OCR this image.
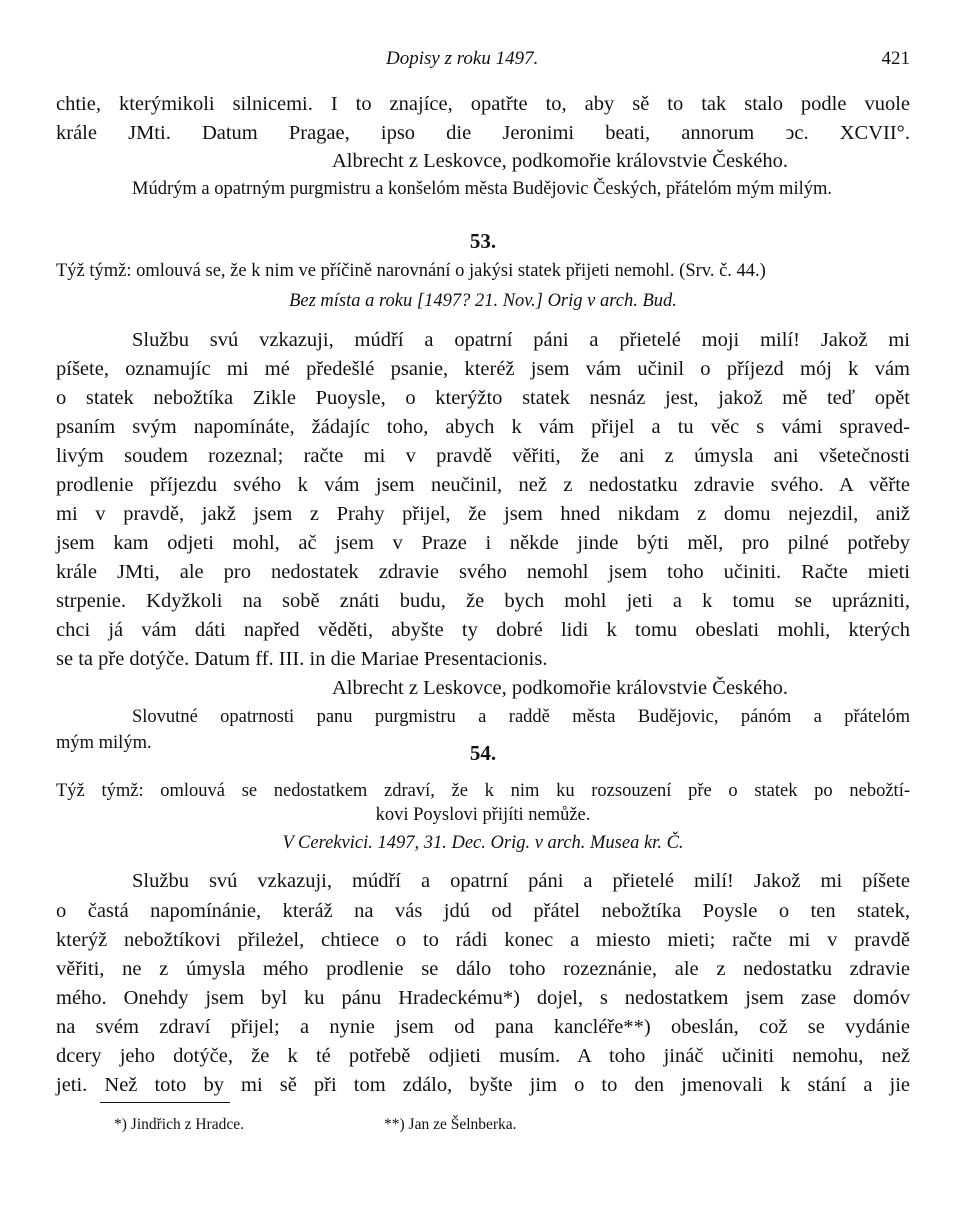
Dopisy z roku 1497.	421
chtie, kterýmikoli silnicemi. I to znajíce, opatřte to, aby sě to tak stalo podle vuole
krále JMti. Datum Pragae, ipso die Jeronimi beati, annorum ͻc. XCVII°.
Albrecht z Leskovce, podkomořie královstvie Českého.
Múdrým a opatrným purgmistru a konšelóm města Budějovic Českých, přátelóm mým milým.
53.
Týž týmž: omlouvá se, že k nim ve příčině narovnání o jakýsi statek přijeti nemohl. (Srv. č. 44.)
Bez místa a roku [1497? 21. Nov.] Orig v arch. Bud.
Službu svú vzkazuji, múdří a opatrní páni a přietelé moji milí! Jakož mi
píšete, oznamujíc mi mé předešlé psanie, kteréž jsem vám učinil o příjezd mój k vám
o statek nebožtíka Zikle Puoysle, o kterýžto statek nesnáz jest, jakož mě teď opět
psaním svým napomínáte, žádajíc toho, abych k vám přijel a tu věc s vámi spraved-
livým soudem rozeznal; račte mi v pravdě věřiti, že ani z úmysla ani všetečnosti
prodlenie příjezdu svého k vám jsem neučinil, než z nedostatku zdravie svého. A věřte
mi v pravdě, jakž jsem z Prahy přijel, že jsem hned nikdam z domu nejezdil, aniž
jsem kam odjeti mohl, ač jsem v Praze i někde jinde býti měl, pro pilné potřeby
krále JMti, ale pro nedostatek zdravie svého nemohl jsem toho učiniti. Račte mieti
strpenie. Kdyžkoli na sobě znáti budu, že bych mohl jeti a k tomu se uprázniti,
chci já vám dáti napřed věděti, abyšte ty dobré lidi k tomu obeslati mohli, kterých
se ta pře dotýče. Datum ff. III. in die Mariae Presentacionis.
Albrecht z Leskovce, podkomořie královstvie Českého.
Slovutné opatrnosti panu purgmistru a raddě města Budějovic, pánóm a přátelóm
mým milým.	54.
Týž týmž: omlouvá se nedostatkem zdraví, že k nim ku rozsouzení pře o statek po nebožtí-
kovi Poyslovi přijíti nemůže.
V Cerekvici. 1497, 31. Dec. Orig. v arch. Musea kr. Č.
Službu svú vzkazuji, múdří a opatrní páni a přietelé milí! Jakož mi píšete
o častá napomínánie, kteráž na vás jdú od přátel nebožtíka Poysle o ten statek,
kterýž nebožtíkovi přileżel, chtiece o to rádi konec a miesto mieti; račte mi v pravdě
věřiti, ne z úmysla mého prodlenie se dálo toho rozeznánie, ale z nedostatku zdravie
mého. Onehdy jsem byl ku pánu Hradeckému*) dojel, s nedostatkem jsem zase domóv
na svém zdraví přijel; a nynie jsem od pana kancléře**) obeslán, což se vydánie
dcery jeho dotýče, že k té potřebě odjieti musím. A toho jináč učiniti nemohu, než
jeti. Než toto by mi sě při tom zdálo, byšte jim o to den jmenovali k stání a jie
*) Jindřich z Hradce.	**) Jan ze Šelnberka.
